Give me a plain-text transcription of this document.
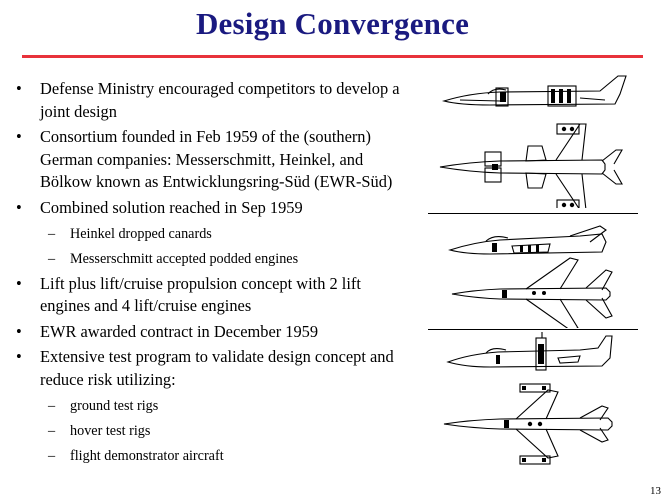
Design Convergence
• Defense Ministry encouraged competitors to develop a joint design
• Consortium founded in Feb 1959 of the (southern) German companies: Messerschmitt, Heinkel, and Bölkow known as Entwicklungsring-Süd (EWR-Süd)
• Combined solution reached in Sep 1959
– Heinkel dropped canards
– Messerschmitt accepted podded engines
• Lift plus lift/cruise propulsion concept with 2 lift engines and 4 lift/cruise engines
• EWR awarded contract in December 1959
• Extensive test program to validate design concept and reduce risk utilizing:
– ground test rigs
– hover test rigs
– flight demonstrator aircraft
13
